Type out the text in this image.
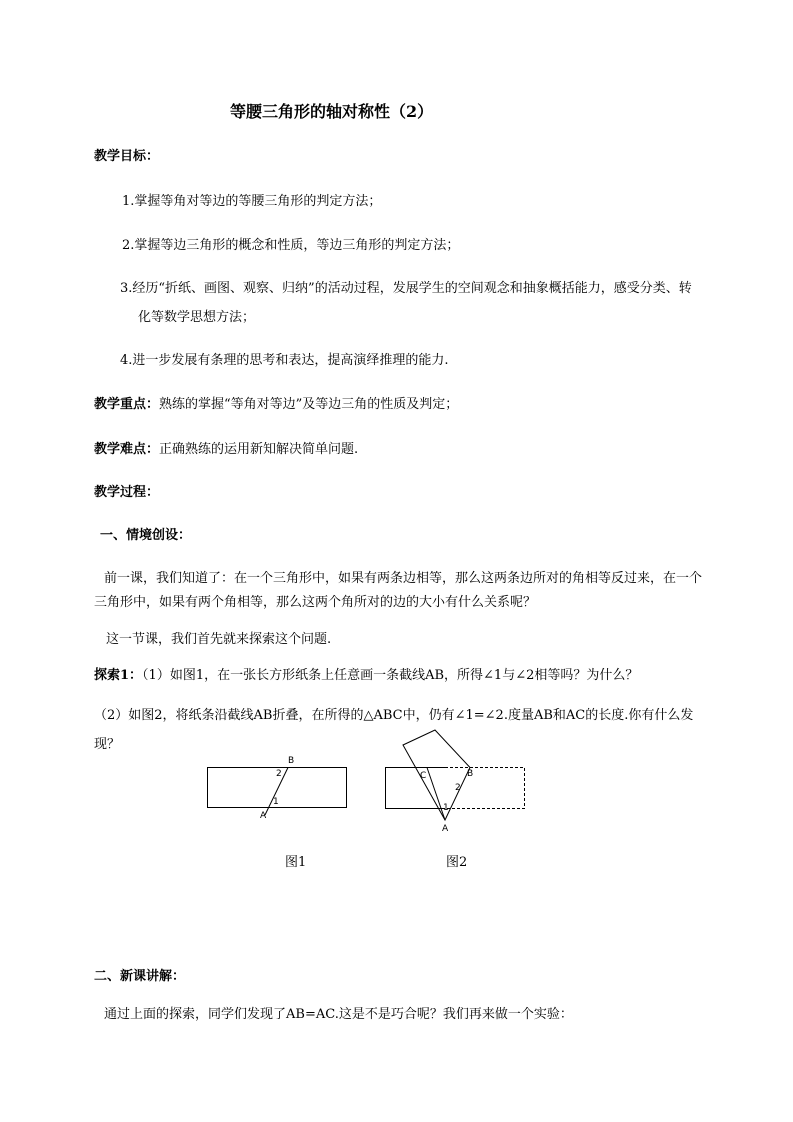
等腰三角形的轴对称性（2）
教学目标：
1.掌握等角对等边的等腰三角形的判定方法；
2.掌握等边三角形的概念和性质，等边三角形的判定方法；
3.经历“折纸、画图、观察、归纳”的活动过程，发展学生的空间观念和抽象概括能力，感受分类、转
化等数学思想方法；
4.进一步发展有条理的思考和表达，提高演绎推理的能力.
教学重点：熟练的掌握“等角对等边”及等边三角的性质及判定；
教学难点：正确熟练的运用新知解决简单问题.
教学过程：
一、情境创设：
前一课，我们知道了：在一个三角形中，如果有两条边相等，那么这两条边所对的角相等反过来，在一个
三角形中，如果有两个角相等，那么这两个角所对的边的大小有什么关系呢？
这一节课，我们首先就来探索这个问题.
探索1：（1）如图1，在一张长方形纸条上任意画一条截线AB，所得∠1与∠2相等吗？为什么？
（2）如图2，将纸条沿截线AB折叠，在所得的△ABC中，仍有∠1=∠2.度量AB和AC的长度.你有什么发
现？
B
2
1
A
图1
C	B
2
1
A
图2
二、新课讲解：
通过上面的探索，同学们发现了AB=AC.这是不是巧合呢？我们再来做一个实验：
